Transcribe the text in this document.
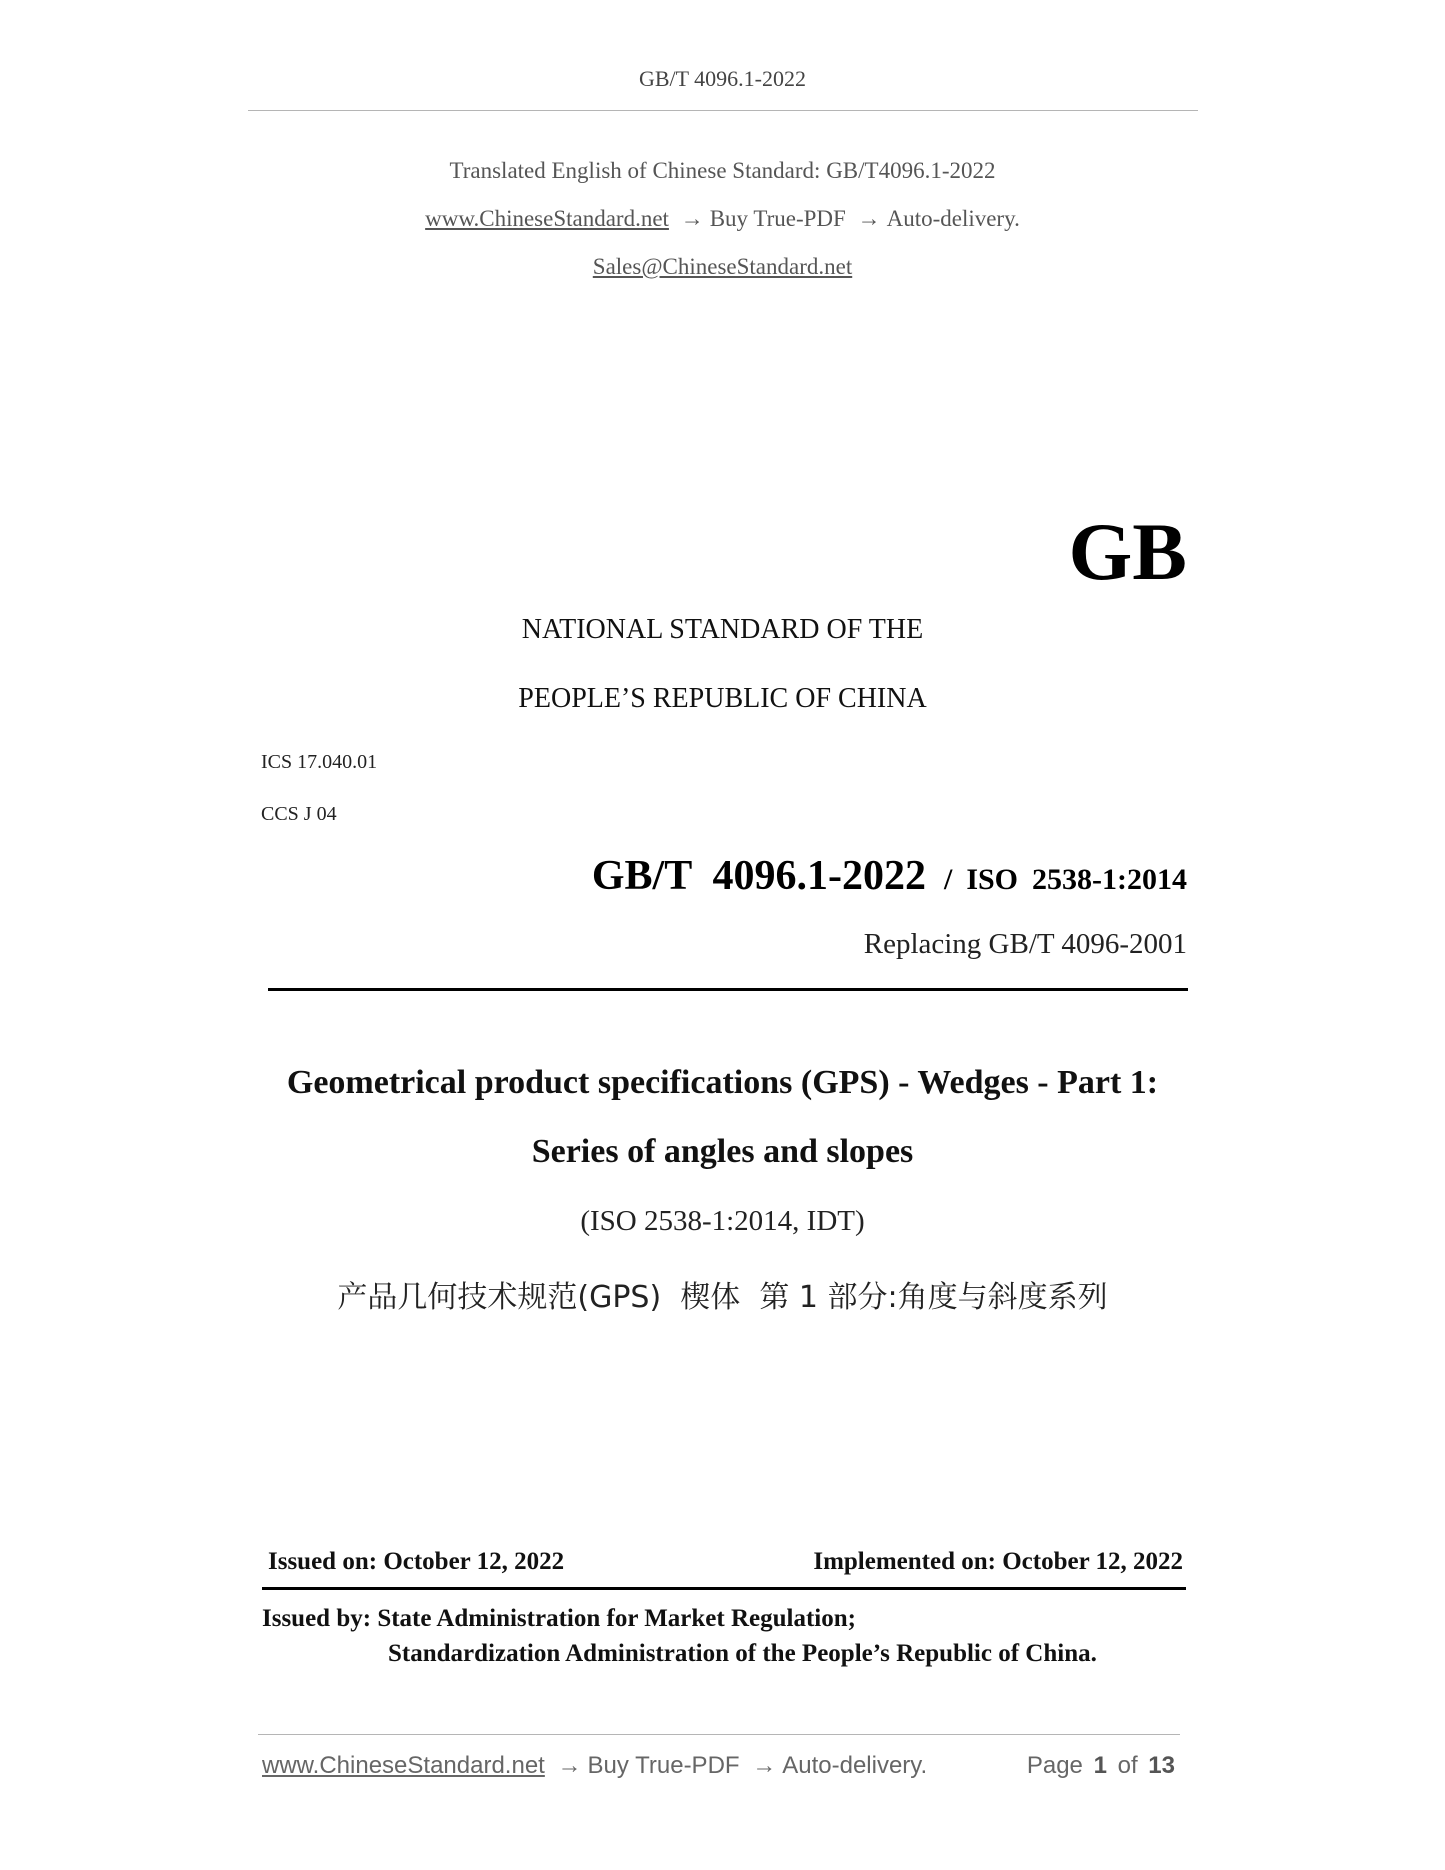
GB/T 4096.1-2022
Translated English of Chinese Standard: GB/T4096.1-2022
www.ChineseStandard.net → Buy True-PDF → Auto-delivery.
Sales@ChineseStandard.net
GB
NATIONAL STANDARD OF THE
PEOPLE’S REPUBLIC OF CHINA
ICS 17.040.01
CCS J 04
GB/T  4096.1-2022 / ISO 2538-1:2014
Replacing GB/T 4096-2001
Geometrical product specifications (GPS) - Wedges - Part 1:
Series of angles and slopes
(ISO 2538-1:2014, IDT)
产品几何技术规范(GPS)  楔体  第 1 部分:角度与斜度系列
Issued on: October 12, 2022	Implemented on: October 12, 2022
Issued by: State Administration for Market Regulation;
Standardization Administration of the People’s Republic of China.
www.ChineseStandard.net → Buy True-PDF → Auto-delivery.	Page 1 of 13
